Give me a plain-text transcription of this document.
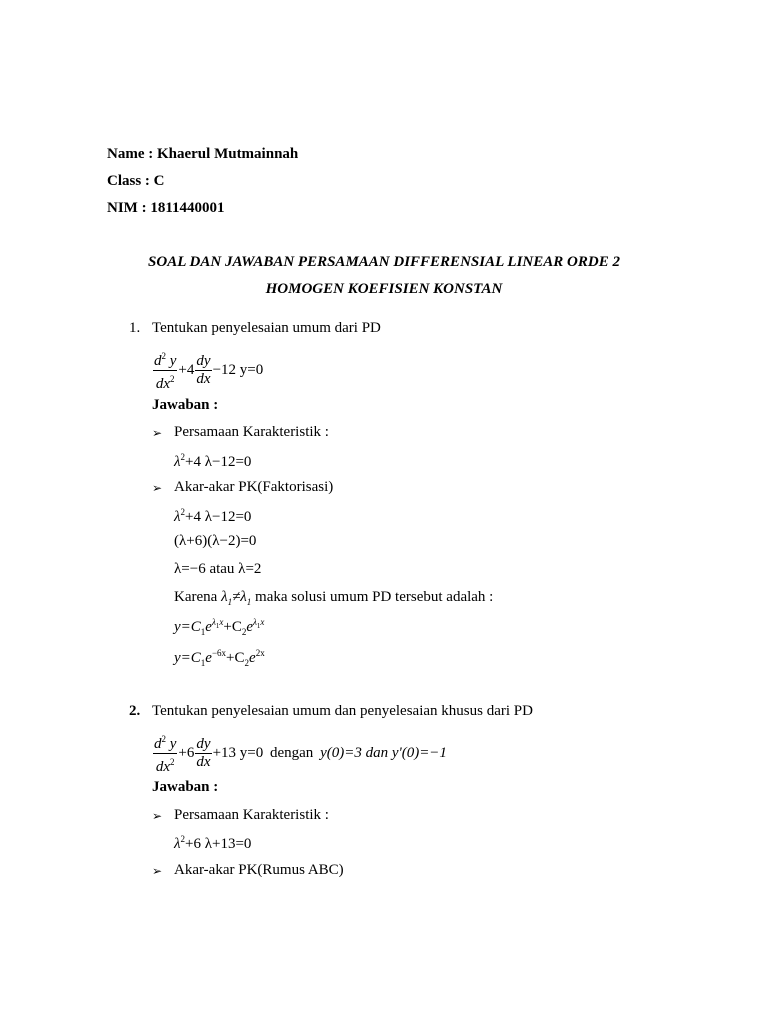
Name : Khaerul Mutmainnah
Class : C
NIM : 1811440001
SOAL DAN JAWABAN PERSAMAAN DIFFERENSIAL LINEAR ORDE 2
HOMOGEN KOEFISIEN KONSTAN
1. Tentukan penyelesaian umum dari PD
$\frac{d^2 y}{dx^2} +4 \frac{dy}{dx} -12$ y=0
Jawaban :
➢ Persamaan Karakteristik :
$\lambda^2+4$ λ−12=0
➢ Akar-akar PK(Faktorisasi)
$\lambda^2+4$ λ−12=0
(λ+6)(λ−2)=0
λ=−6 atau λ=2
Karena $\lambda_1\ne\lambda_1$ maka solusi umum PD tersebut adalah :
$y=C_1e^{\lambda_1x}+C_2e^{\lambda_1x}$
$y=C_1e^{-6x}+C_2e^{2x}$
2. Tentukan penyelesaian umum dan penyelesaian khusus dari PD
$\frac{d^2 y}{dx^2} +6 \frac{dy}{dx} +13$ y=0 dengan y(0)=3 dan y'(0)=−1
Jawaban :
➢ Persamaan Karakteristik :
$\lambda^2+6$ λ+13=0
➢ Akar-akar PK(Rumus ABC)
